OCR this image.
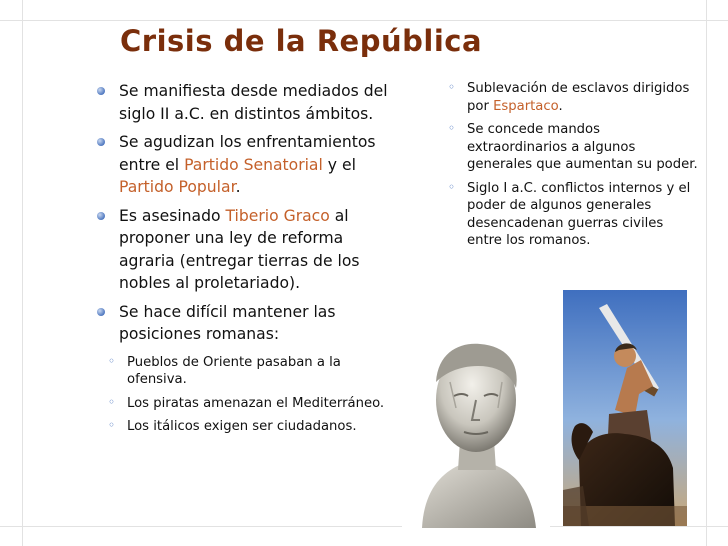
Crisis de la República
Se manifiesta desde mediados del siglo II a.C. en distintos ámbitos.
Se agudizan los enfrentamientos entre el Partido Senatorial y el Partido Popular.
Es asesinado Tiberio Graco al proponer una ley de reforma agraria (entregar tierras de los nobles al proletariado).
Se hace difícil mantener las posiciones romanas:
◦ Pueblos de Oriente pasaban a la ofensiva.
◦ Los piratas amenazan el Mediterráneo.
◦ Los itálicos exigen ser ciudadanos.
◦ Sublevación de esclavos dirigidos por Espartaco.
◦ Se concede mandos extraordinarios a algunos generales que aumentan su poder.
◦ Siglo I a.C. conflictos internos y el poder de algunos generales desencadenan guerras civiles entre los romanos.
